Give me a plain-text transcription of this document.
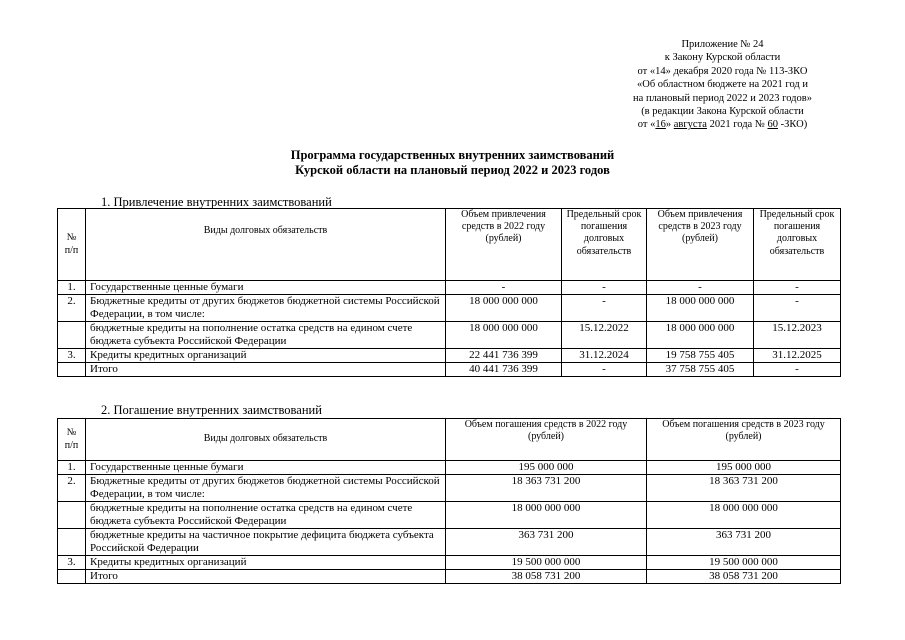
Приложение № 24
к Закону Курской области
от «14» декабря 2020 года № 113-ЗКО
«Об областном бюджете на 2021 год и
на плановый период 2022 и 2023 годов»
(в редакции Закона Курской области
от «16» августа 2021 года № 60 -ЗКО)
Программа государственных внутренних заимствований
Курской области на плановый период 2022 и 2023 годов
1. Привлечение внутренних заимствований
№ п/п	Виды долговых обязательств	Объем привлечения средств в 2022 году (рублей)	Предельный срок погашения долговых обязательств	Объем привлечения средств в 2023 году (рублей)	Предельный срок погашения долговых обязательств
1.	Государственные ценные бумаги	-	-	-	-
2.	Бюджетные кредиты от других бюджетов бюджетной системы Российской Федерации, в том числе:	18 000 000 000	-	18 000 000 000	-
	бюджетные кредиты на пополнение остатка средств на едином счете бюджета субъекта Российской Федерации	18 000 000 000	15.12.2022	18 000 000 000	15.12.2023
3.	Кредиты кредитных организаций	22 441 736 399	31.12.2024	19 758 755 405	31.12.2025
	Итого	40 441 736 399	-	37 758 755 405	-
2. Погашение внутренних заимствований
№ п/п	Виды долговых обязательств	Объем погашения средств в 2022 году (рублей)	Объем погашения средств в 2023 году (рублей)
1.	Государственные ценные бумаги	195 000 000	195 000 000
2.	Бюджетные кредиты от других бюджетов бюджетной системы Российской Федерации, в том числе:	18 363 731 200	18 363 731 200
	бюджетные кредиты на пополнение остатка средств на едином счете бюджета субъекта Российской Федерации	18 000 000 000	18 000 000 000
	бюджетные кредиты на частичное покрытие дефицита бюджета субъекта Российской Федерации	363 731 200	363 731 200
3.	Кредиты кредитных организаций	19 500 000 000	19 500 000 000
	Итого	38 058 731 200	38 058 731 200
